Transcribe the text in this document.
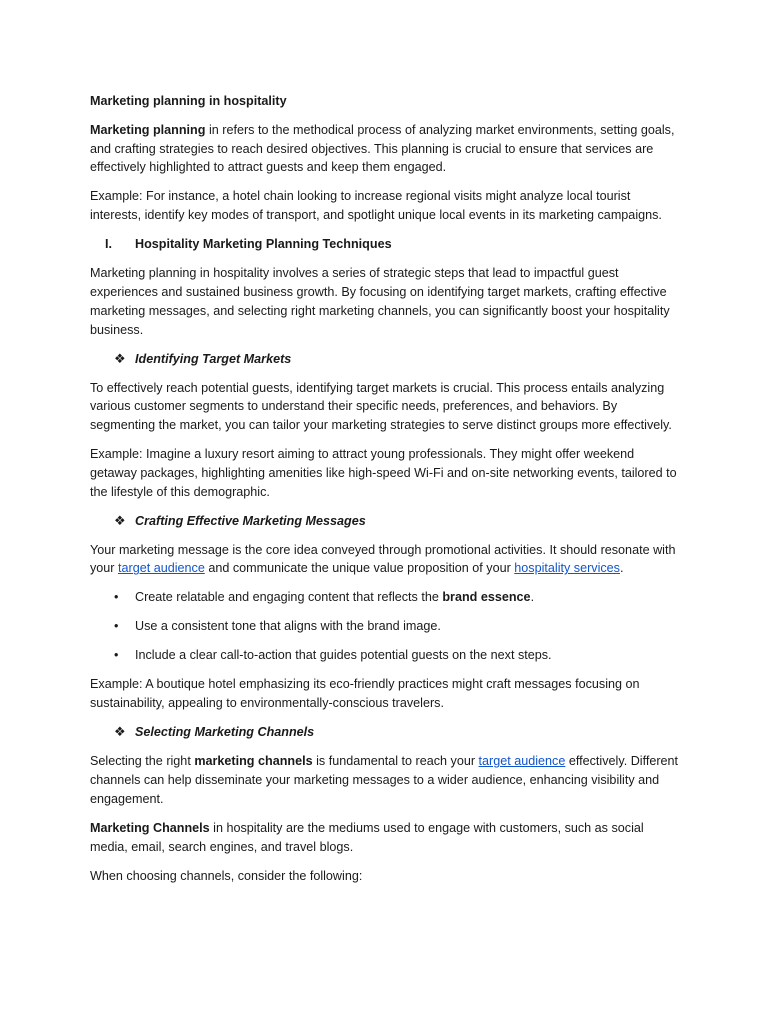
Marketing planning in hospitality

Marketing planning in refers to the methodical process of analyzing market environments, setting goals, and crafting strategies to reach desired objectives. This planning is crucial to ensure that services are effectively highlighted to attract guests and keep them engaged.

Example: For instance, a hotel chain looking to increase regional visits might analyze local tourist interests, identify key modes of transport, and spotlight unique local events in its marketing campaigns.

I. Hospitality Marketing Planning Techniques

Marketing planning in hospitality involves a series of strategic steps that lead to impactful guest experiences and sustained business growth. By focusing on identifying target markets, crafting effective marketing messages, and selecting right marketing channels, you can significantly boost your hospitality business.

❖ Identifying Target Markets

To effectively reach potential guests, identifying target markets is crucial. This process entails analyzing various customer segments to understand their specific needs, preferences, and behaviors. By segmenting the market, you can tailor your marketing strategies to serve distinct groups more effectively.

Example: Imagine a luxury resort aiming to attract young professionals. They might offer weekend getaway packages, highlighting amenities like high-speed Wi-Fi and on-site networking events, tailored to the lifestyle of this demographic.

❖ Crafting Effective Marketing Messages

Your marketing message is the core idea conveyed through promotional activities. It should resonate with your target audience and communicate the unique value proposition of your hospitality services.

• Create relatable and engaging content that reflects the brand essence.
• Use a consistent tone that aligns with the brand image.
• Include a clear call-to-action that guides potential guests on the next steps.

Example: A boutique hotel emphasizing its eco-friendly practices might craft messages focusing on sustainability, appealing to environmentally-conscious travelers.

❖ Selecting Marketing Channels

Selecting the right marketing channels is fundamental to reach your target audience effectively. Different channels can help disseminate your marketing messages to a wider audience, enhancing visibility and engagement.

Marketing Channels in hospitality are the mediums used to engage with customers, such as social media, email, search engines, and travel blogs.

When choosing channels, consider the following:
